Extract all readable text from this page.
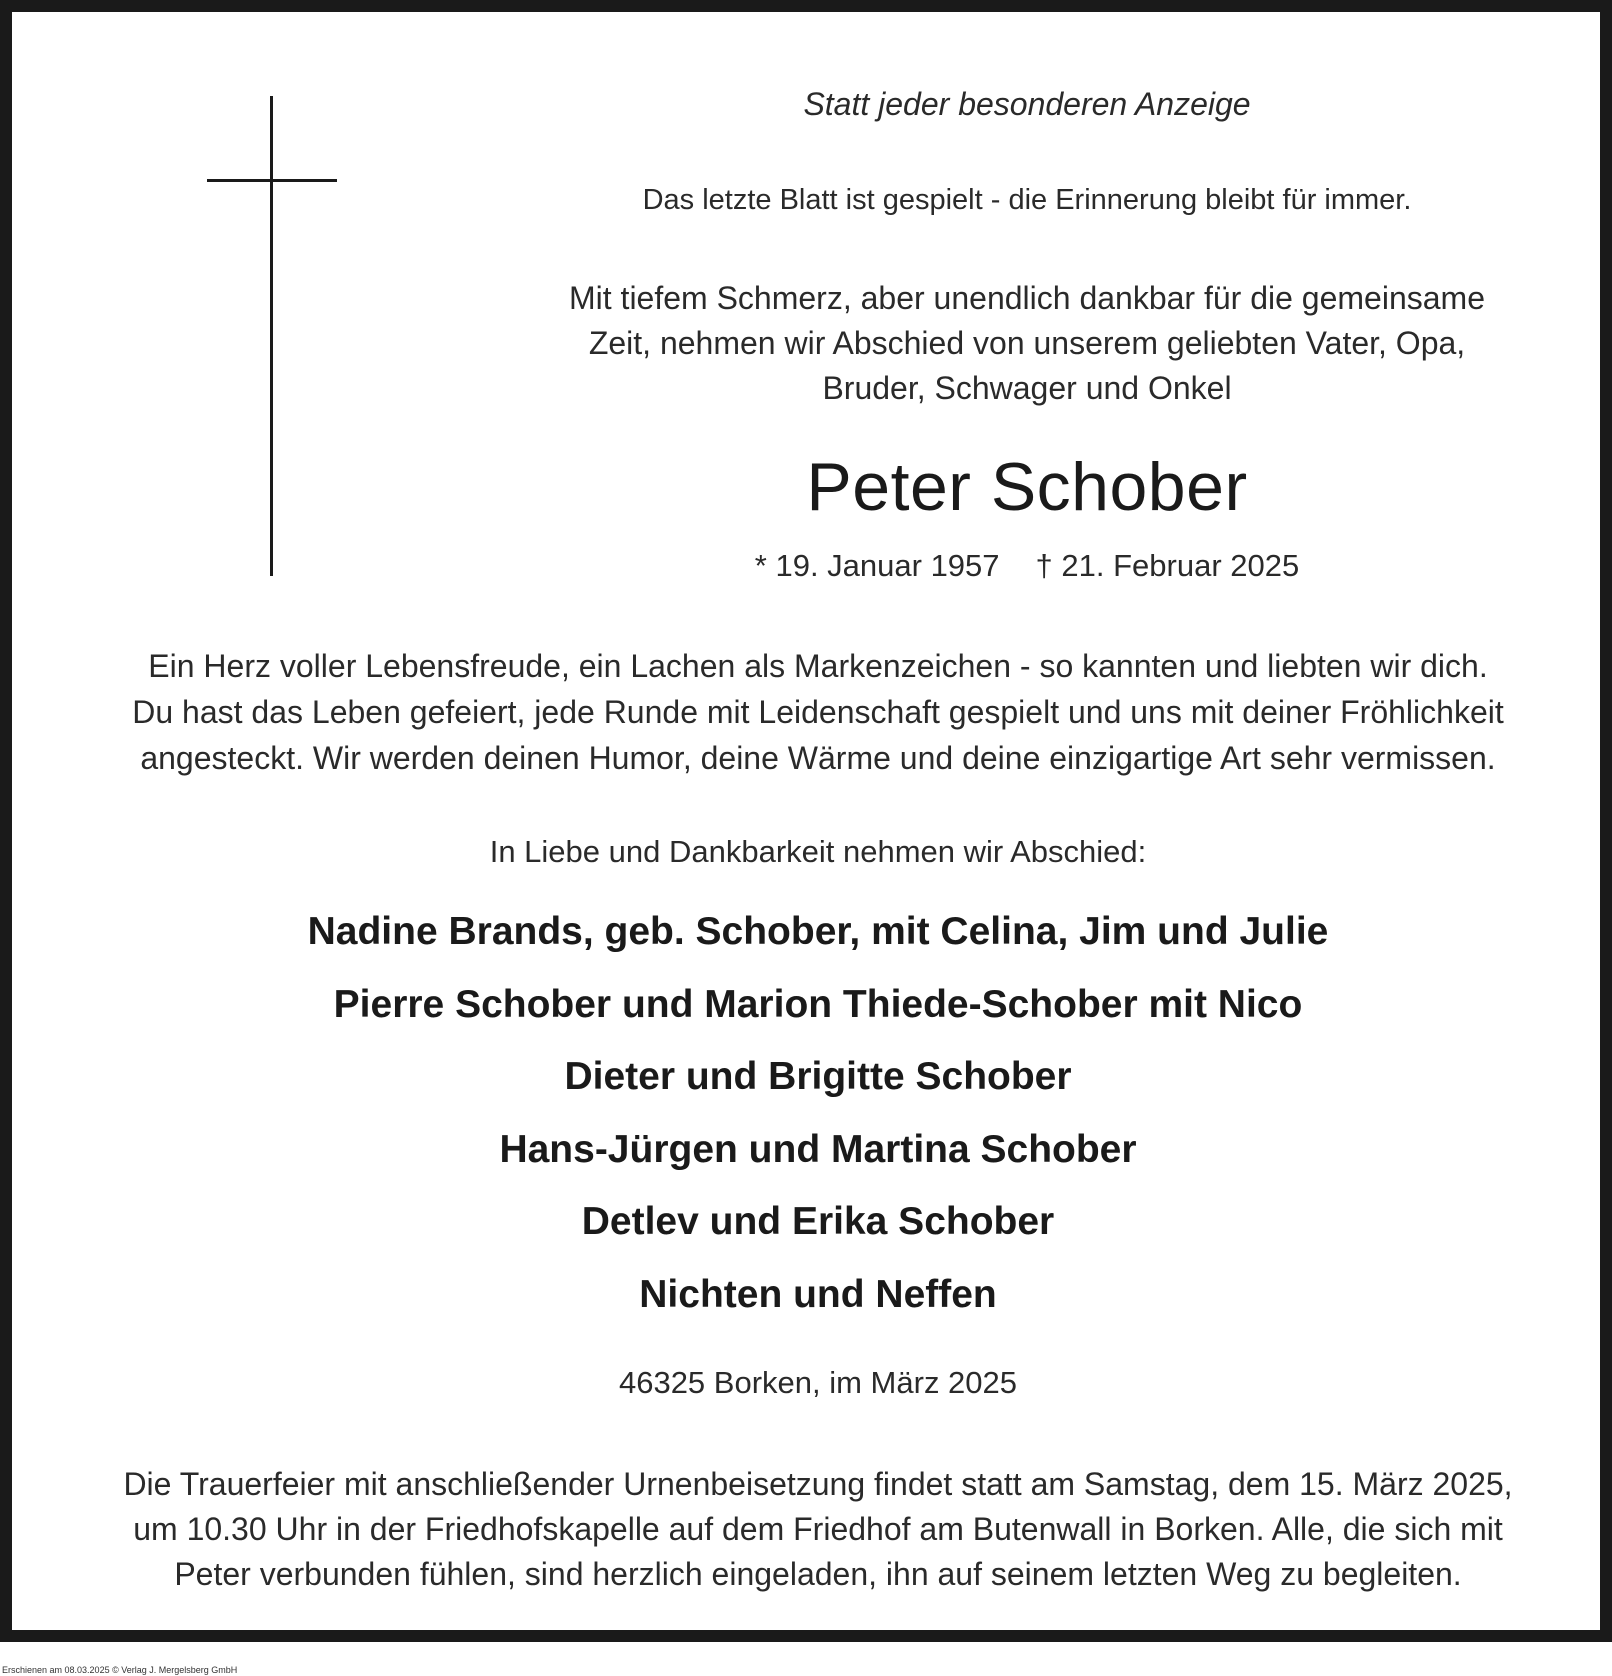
Statt jeder besonderen Anzeige
Das letzte Blatt ist gespielt - die Erinnerung bleibt für immer.
Mit tiefem Schmerz, aber unendlich dankbar für die gemeinsame
Zeit, nehmen wir Abschied von unserem geliebten Vater, Opa,
Bruder, Schwager und Onkel
Peter Schober
* 19. Januar 1957 † 21. Februar 2025
Ein Herz voller Lebensfreude, ein Lachen als Markenzeichen - so kannten und liebten wir dich.
Du hast das Leben gefeiert, jede Runde mit Leidenschaft gespielt und uns mit deiner Fröhlichkeit
angesteckt. Wir werden deinen Humor, deine Wärme und deine einzigartige Art sehr vermissen.
In Liebe und Dankbarkeit nehmen wir Abschied:
Nadine Brands, geb. Schober, mit Celina, Jim und Julie
Pierre Schober und Marion Thiede-Schober mit Nico
Dieter und Brigitte Schober
Hans-Jürgen und Martina Schober
Detlev und Erika Schober
Nichten und Neffen
46325 Borken, im März 2025
Die Trauerfeier mit anschließender Urnenbeisetzung findet statt am Samstag, dem 15. März 2025,
um 10.30 Uhr in der Friedhofskapelle auf dem Friedhof am Butenwall in Borken. Alle, die sich mit
Peter verbunden fühlen, sind herzlich eingeladen, ihn auf seinem letzten Weg zu begleiten.
Erschienen am 08.03.2025 © Verlag J. Mergelsberg GmbH
